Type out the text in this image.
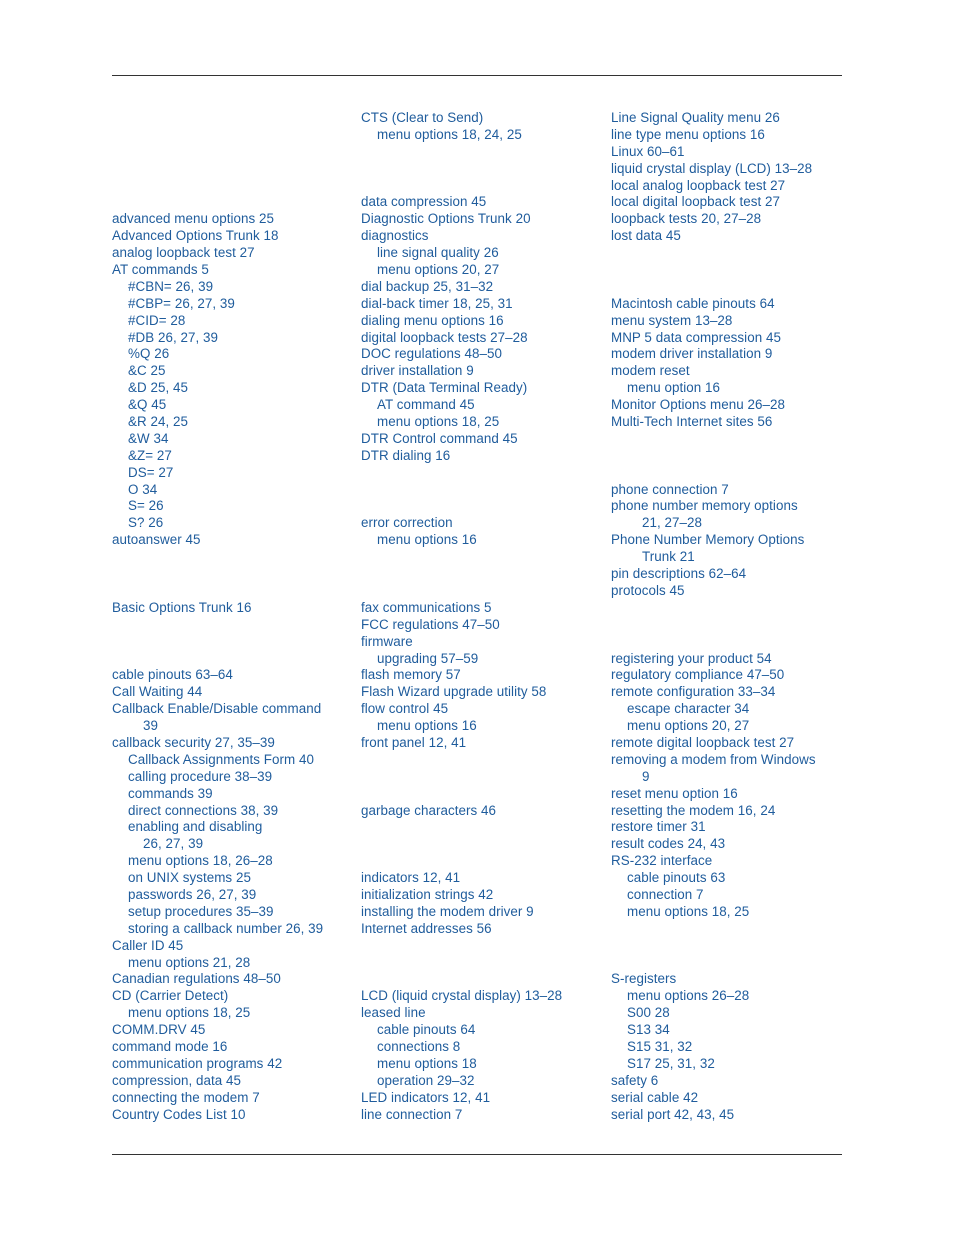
advanced menu options 25
Advanced Options Trunk 18
analog loopback test 27
AT commands 5
#CBN= 26, 39
#CBP= 26, 27, 39
#CID= 28
#DB 26, 27, 39
%Q 26
&C 25
&D 25, 45
&Q 45
&R 24, 25
&W 34
&Z= 27
DS= 27
O 34
S= 26
S? 26
autoanswer 45

Basic Options Trunk 16

cable pinouts 63–64
Call Waiting 44
Callback Enable/Disable command
39
callback security 27, 35–39
Callback Assignments Form 40
calling procedure 38–39
commands 39
direct connections 38, 39
enabling and disabling
26, 27, 39
menu options 18, 26–28
on UNIX systems 25
passwords 26, 27, 39
setup procedures 35–39
storing a callback number 26, 39
Caller ID 45
menu options 21, 28
Canadian regulations 48–50
CD (Carrier Detect)
menu options 18, 25
COMM.DRV 45
command mode 16
communication programs 42
compression, data 45
connecting the modem 7
Country Codes List 10
CTS (Clear to Send)
menu options 18, 24, 25

data compression 45
Diagnostic Options Trunk 20
diagnostics
line signal quality 26
menu options 20, 27
dial backup 25, 31–32
dial-back timer 18, 25, 31
dialing menu options 16
digital loopback tests 27–28
DOC regulations 48–50
driver installation 9
DTR (Data Terminal Ready)
AT command 45
menu options 18, 25
DTR Control command 45
DTR dialing 16

error correction
menu options 16

fax communications 5
FCC regulations 47–50
firmware
upgrading 57–59
flash memory 57
Flash Wizard upgrade utility 58
flow control 45
menu options 16
front panel 12, 41

garbage characters 46

indicators 12, 41
initialization strings 42
installing the modem driver 9
Internet addresses 56

LCD (liquid crystal display) 13–28
leased line
cable pinouts 64
connections 8
menu options 18
operation 29–32
LED indicators 12, 41
line connection 7
Line Signal Quality menu 26
line type menu options 16
Linux 60–61
liquid crystal display (LCD) 13–28
local analog loopback test 27
local digital loopback test 27
loopback tests 20, 27–28
lost data 45

Macintosh cable pinouts 64
menu system 13–28
MNP 5 data compression 45
modem driver installation 9
modem reset
menu option 16
Monitor Options menu 26–28
Multi-Tech Internet sites 56

phone connection 7
phone number memory options
21, 27–28
Phone Number Memory Options
Trunk 21
pin descriptions 62–64
protocols 45

registering your product 54
regulatory compliance 47–50
remote configuration 33–34
escape character 34
menu options 20, 27
remote digital loopback test 27
removing a modem from Windows
9
reset menu option 16
resetting the modem 16, 24
restore timer 31
result codes 24, 43
RS-232 interface
cable pinouts 63
connection 7
menu options 18, 25

S-registers
menu options 26–28
S00 28
S13 34
S15 31, 32
S17 25, 31, 32
safety 6
serial cable 42
serial port 42, 43, 45
